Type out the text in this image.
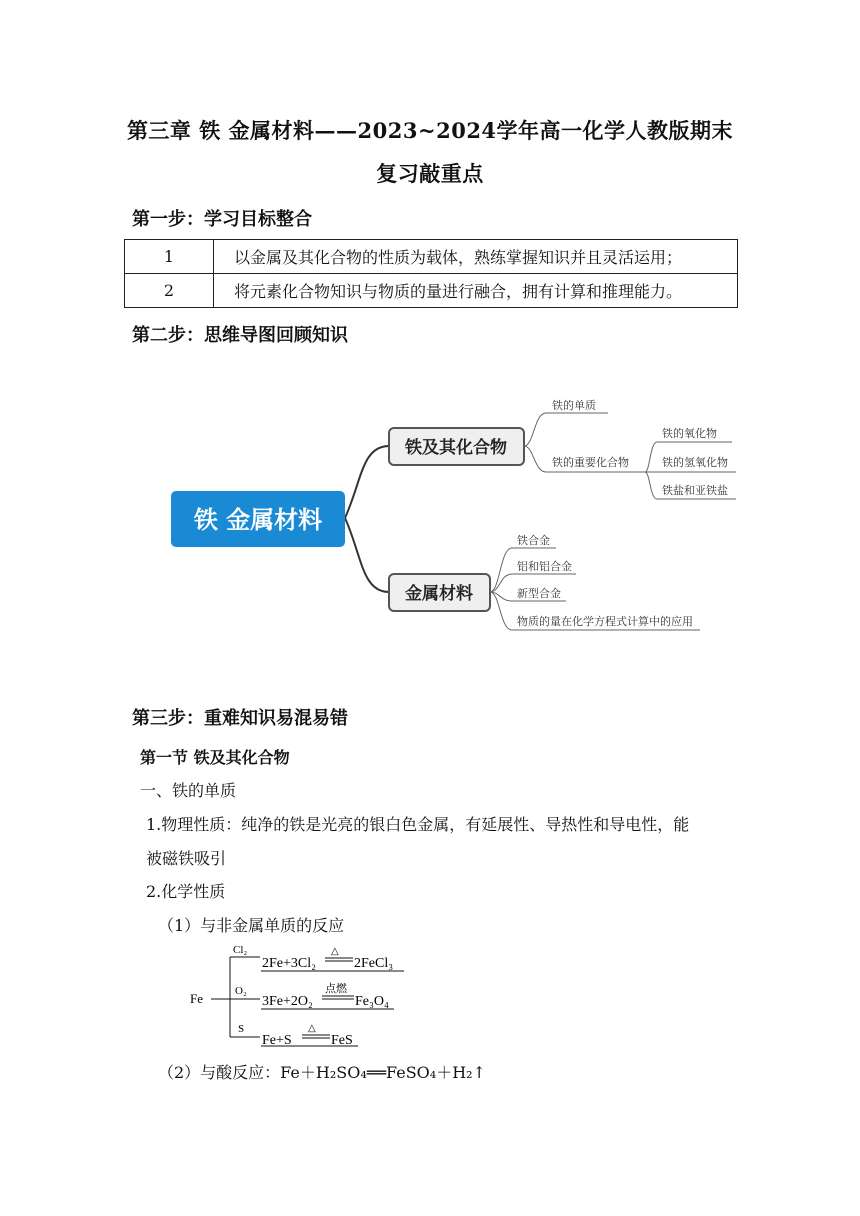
第三章 铁 金属材料——2023~2024学年高一化学人教版期末
复习敲重点
第一步：学习目标整合
1	以金属及其化合物的性质为载体，熟练掌握知识并且灵活运用；
2	将元素化合物知识与物质的量进行融合，拥有计算和推理能力。
第二步：思维导图回顾知识
铁 金属材料
铁及其化合物
铁的单质
铁的重要化合物
铁的氧化物
铁的氢氧化物
铁盐和亚铁盐
金属材料
铁合金
铝和铝合金
新型合金
物质的量在化学方程式计算中的应用
第三步：重难知识易混易错
第一节 铁及其化合物
一、铁的单质
1.物理性质：纯净的铁是光亮的银白色金属，有延展性、导热性和导电性，能
被磁铁吸引
2.化学性质
（1）与非金属单质的反应
Fe
Cl₂
O₂
S
2Fe+3Cl₂
△
2FeCl₃
3Fe+2O₂
点燃
Fe₃O₄
Fe+S
△
FeS
（2）与酸反应：Fe＋H₂SO₄══FeSO₄＋H₂↑
